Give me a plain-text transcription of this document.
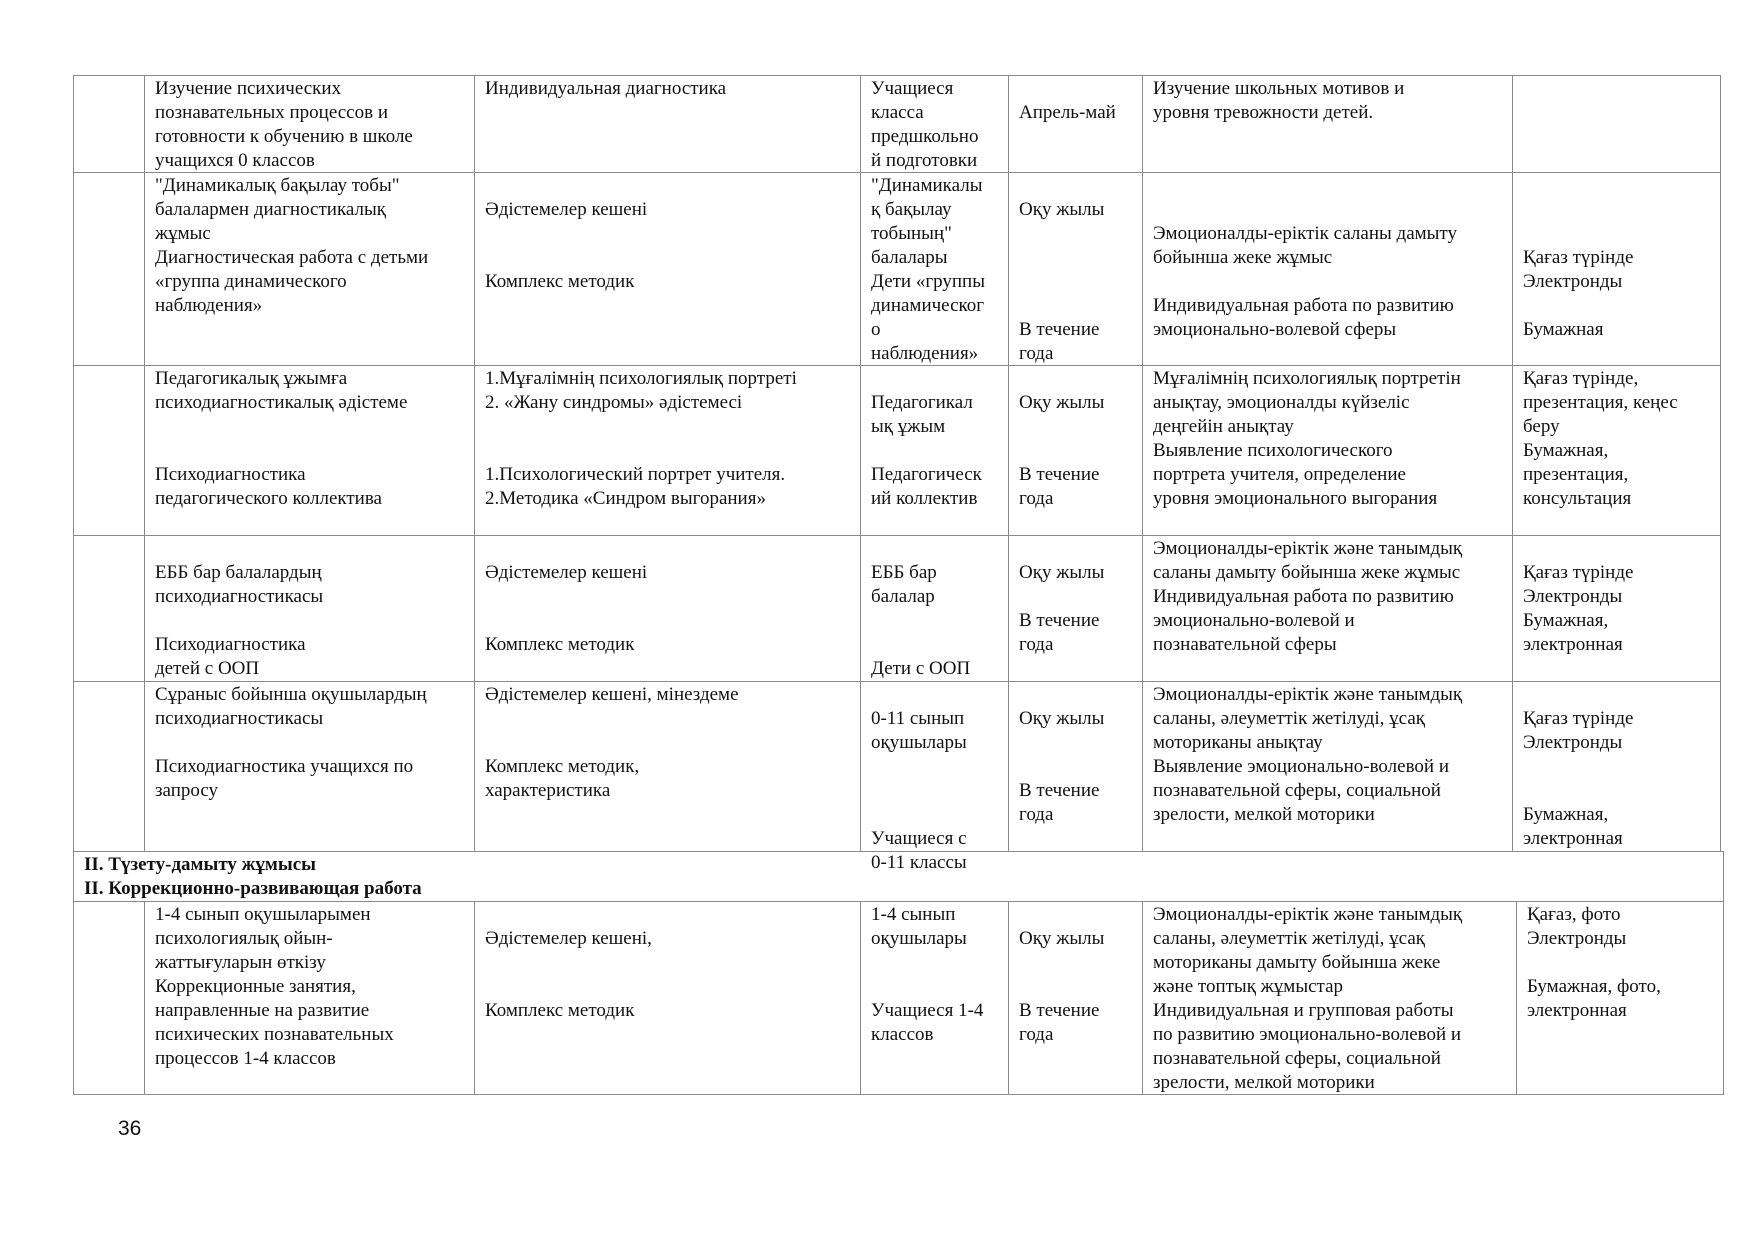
Изучение психических
познавательных процессов и
готовности к обучению в школе
учащихся 0 классов
Индивидуальная диагностика	Учащиеся
класса
предшкольно
й подготовки

Апрель-май
Изучение школьных мотивов и
уровня тревожности детей.
"Динамикалық бақылау тобы"
балалармен диагностикалық
жұмыс
Диагностическая работа с детьми
«группа динамического
наблюдения»

Әдістемелер кешені

Комплекс методик
"Динамикалы
қ бақылау
тобының"
балалары
Дети «группы
динамическог
о
наблюдения»

Оқу жылы

В течение
года

Эмоционалды-еріктік саланы дамыту
бойынша жеке жұмыс

Индивидуальная работа по развитию
эмоционально-волевой сферы

Қағаз түрінде
Электронды

Бумажная
Педагогикалық ұжымға
психодиагностикалық әдістеме

Психодиагностика
педагогического коллектива
1.Мұғалімнің психологиялық портреті
2. «Жану синдромы» әдістемесі

1.Психологический портрет учителя.
2.Методика «Синдром выгорания»

Педагогикал
ық ұжым

Педагогическ
ий коллектив

Оқу жылы

В течение
года
Мұғалімнің психологиялық портретін
анықтау, эмоционалды күйзеліс
деңгейін анықтау
Выявление психологического
портрета учителя, определение
уровня эмоционального выгорания
Қағаз түрінде,
презентация, кеңес
беру
Бумажная,
презентация,
консультация

ЕББ бар балалардың
психодиагностикасы

Психодиагностика
детей с ООП

Әдістемелер кешені

Комплекс методик

ЕББ бар
балалар

Дети с ООП

Оқу жылы

В течение
года
Эмоционалды-еріктік және танымдық
саланы дамыту бойынша жеке жұмыс
Индивидуальная работа по развитию
эмоционально-волевой и
познавательной сферы

Қағаз түрінде
Электронды
Бумажная,
электронная
Сұраныс бойынша оқушылардың
психодиагностикасы

Психодиагностика учащихся по
запросу
Әдістемелер кешені, мінездеме

Комплекс методик,
характеристика

0-11 сынып
оқушылары

Учащиеся с
0-11 классы

Оқу жылы

В течение
года
Эмоционалды-еріктік және танымдық
саланы, әлеуметтік жетілуді, ұсақ
моториканы анықтау
Выявление эмоционально-волевой и
познавательной сферы, социальной
зрелости, мелкой моторики

Қағаз түрінде
Электронды

Бумажная,
электронная
ІІ. Түзету-дамыту жұмысы
ІІ. Коррекционно-развивающая работа
1-4 сынып оқушыларымен
психологиялық ойын-
жаттығуларын өткізу
Коррекционные занятия,
направленные на развитие
психических познавательных
процессов 1-4 классов

Әдістемелер кешені,

Комплекс методик
1-4 сынып
оқушылары

Учащиеся 1-4
классов

Оқу жылы

В течение
года
Эмоционалды-еріктік және танымдық
саланы, әлеуметтік жетілуді, ұсақ
моториканы дамыту бойынша жеке
және топтық жұмыстар
Индивидуальная и групповая работы
по развитию эмоционально-волевой и
познавательной сферы, социальной
зрелости, мелкой моторики
Қағаз, фото
Электронды

Бумажная, фото,
электронная
36
